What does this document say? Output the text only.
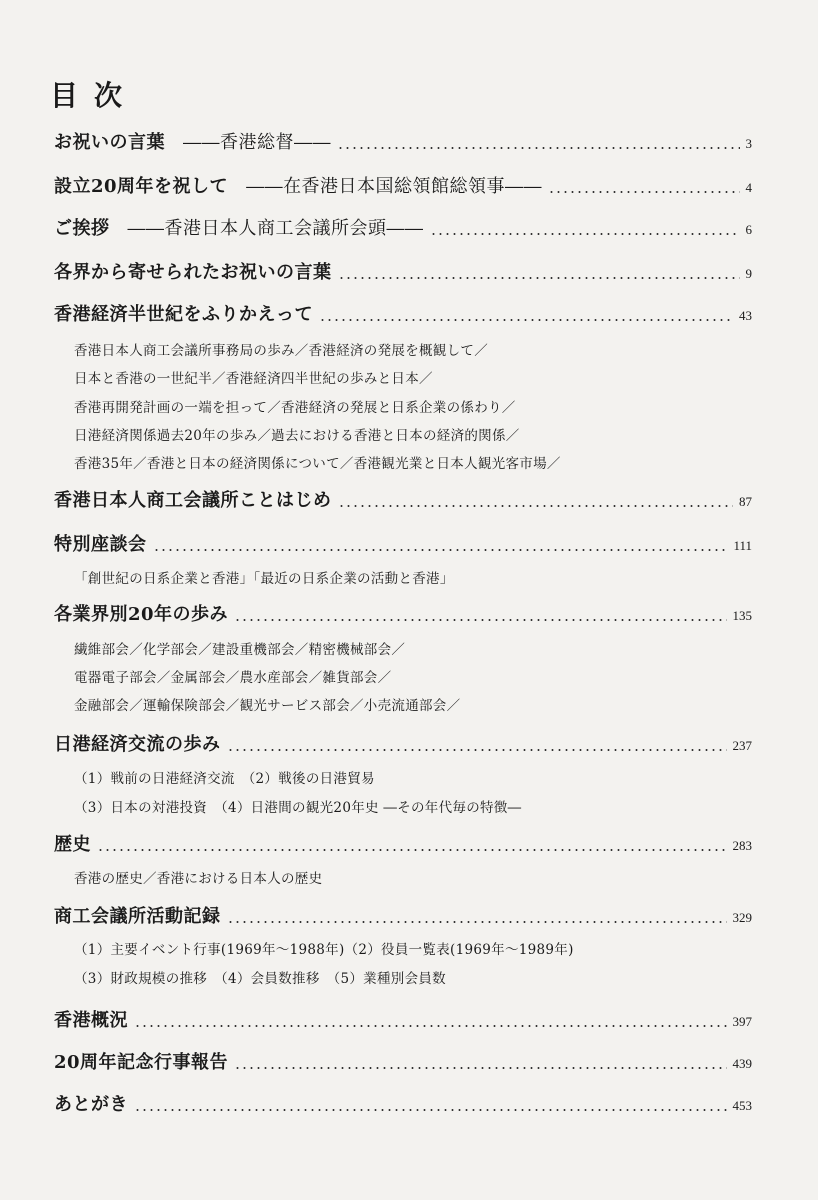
目次
お祝いの言葉 ――香港総督――	3
設立20周年を祝して ――在香港日本国総領館総領事――	4
ご挨拶 ――香港日本人商工会議所会頭――	6
各界から寄せられたお祝いの言葉	9
香港経済半世紀をふりかえって	43
香港日本人商工会議所事務局の歩み／香港経済の発展を概観して／
日本と香港の一世紀半／香港経済四半世紀の歩みと日本／
香港再開発計画の一端を担って／香港経済の発展と日系企業の係わり／
日港経済関係過去20年の歩み／過去における香港と日本の経済的関係／
香港35年／香港と日本の経済関係について／香港観光業と日本人観光客市場／
香港日本人商工会議所ことはじめ	87
特別座談会	111
「創世紀の日系企業と香港」「最近の日系企業の活動と香港」
各業界別20年の歩み	135
繊維部会／化学部会／建設重機部会／精密機械部会／
電器電子部会／金属部会／農水産部会／雑貨部会／
金融部会／運輸保険部会／観光サービス部会／小売流通部会／
日港経済交流の歩み	237
（1）戦前の日港経済交流　（2）戦後の日港貿易
（3）日本の対港投資　（4）日港間の観光20年史 ―その年代毎の特徴―
歴史	283
香港の歴史／香港における日本人の歴史
商工会議所活動記録	329
（1）主要イベント行事(1969年～1988年)（2）役員一覧表(1969年～1989年)
（3）財政規模の推移　（4）会員数推移　（5）業種別会員数
香港概況	397
20周年記念行事報告	439
あとがき	453
